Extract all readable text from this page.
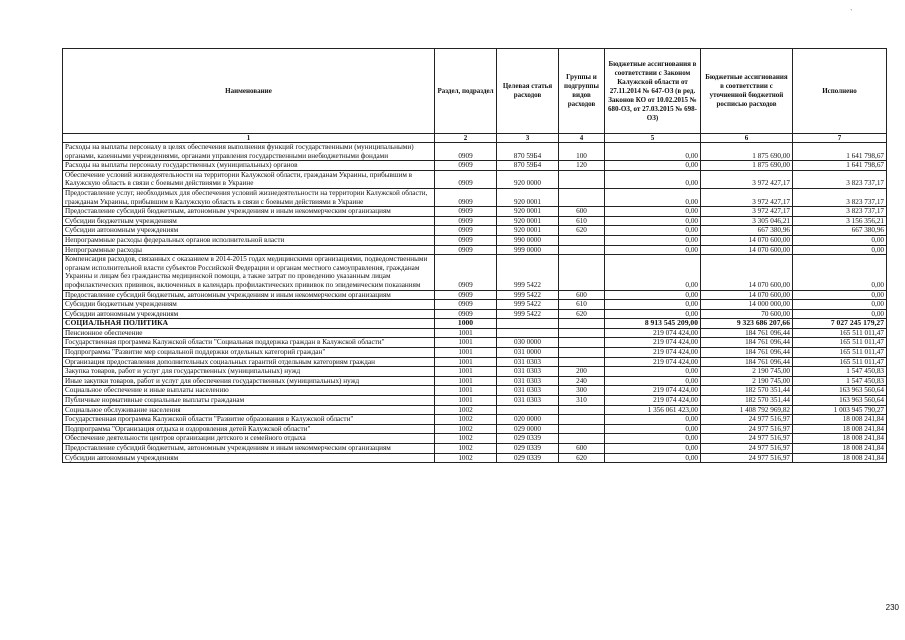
Наименование	Раздел, подраздел	Целевая статья расходов	Группы и подгруппы видов расходов	Бюджетные ассигнования в соответствии с Законом Калужской области от 27.11.2014 № 647-ОЗ (в ред. Законов КО от 10.02.2015 № 680-ОЗ, от 27.03.2015 № 698-ОЗ)	Бюджетные ассигнования в соответствии с уточненной бюджетной росписью расходов	Исполнено
1	2	3	4	5	6	7
Расходы на выплаты персоналу в целях обеспечения выполнения функций государственными (муниципальными) органами, казенными учреждениями, органами управления государственными внебюджетными фондами	0909	870 59Б4	100	0,00	1 875 690,00	1 641 798,67
Расходы на выплаты персоналу государственных (муниципальных) органов	0909	870 59Б4	120	0,00	1 875 690,00	1 641 798,67
Обеспечение условий жизнедеятельности на территории Калужской области, гражданам Украины, прибывшим в Калужскую область в связи с боевыми действиями в Украине	0909	920 0000		0,00	3 972 427,17	3 823 737,17
Предоставление услуг, необходимых для обеспечения условий жизнедеятельности на территории Калужской области, гражданам Украины, прибывшим в Калужскую область в связи с боевыми действиями в Украине	0909	920 0001		0,00	3 972 427,17	3 823 737,17
Предоставление субсидий бюджетным, автономным учреждениям и иным некоммерческим организациям	0909	920 0001	600	0,00	3 972 427,17	3 823 737,17
Субсидии бюджетным учреждениям	0909	920 0001	610	0,00	3 305 046,21	3 156 356,21
Субсидии автономным учреждениям	0909	920 0001	620	0,00	667 380,96	667 380,96
Непрограммные расходы федеральных органов исполнительной власти	0909	990 0000		0,00	14 070 600,00	0,00
Непрограммные расходы	0909	999 0000		0,00	14 070 600,00	0,00
Компенсация расходов, связанных с оказанием в 2014-2015 годах медицинскими организациями, подведомственными органам исполнительной власти субъектов Российской Федерации и органам местного самоуправления, гражданам Украины и лицам без гражданства медицинской помощи, а также затрат по проведению указанным лицам профилактических прививок, включенных в календарь профилактических прививок по эпидемическим показаниям	0909	999 5422		0,00	14 070 600,00	0,00
Предоставление субсидий бюджетным, автономным учреждениям и иным некоммерческим организациям	0909	999 5422	600	0,00	14 070 600,00	0,00
Субсидии бюджетным учреждениям	0909	999 5422	610	0,00	14 000 000,00	0,00
Субсидии автономным учреждениям	0909	999 5422	620	0,00	70 600,00	0,00
СОЦИАЛЬНАЯ ПОЛИТИКА	1000			8 913 545 209,00	9 323 686 207,66	7 027 245 179,27
Пенсионное обеспечение	1001			219 074 424,00	184 761 096,44	165 511 011,47
Государственная программа Калужской области "Социальная поддержка граждан в Калужской области"	1001	030 0000		219 074 424,00	184 761 096,44	165 511 011,47
Подпрограмма "Развитие мер социальной поддержки отдельных категорий граждан"	1001	031 0000		219 074 424,00	184 761 096,44	165 511 011,47
Организация предоставления дополнительных социальных гарантий отдельным категориям граждан	1001	031 0303		219 074 424,00	184 761 096,44	165 511 011,47
Закупка товаров, работ и услуг для государственных (муниципальных) нужд	1001	031 0303	200	0,00	2 190 745,00	1 547 450,83
Иные закупки товаров, работ и услуг для обеспечения государственных (муниципальных) нужд	1001	031 0303	240	0,00	2 190 745,00	1 547 450,83
Социальное обеспечение и иные выплаты населению	1001	031 0303	300	219 074 424,00	182 570 351,44	163 963 560,64
Публичные нормативные социальные выплаты гражданам	1001	031 0303	310	219 074 424,00	182 570 351,44	163 963 560,64
Социальное обслуживание населения	1002			1 356 061 423,00	1 408 792 969,82	1 003 945 790,27
Государственная программа Калужской области "Развитие образования в Калужской области"	1002	020 0000		0,00	24 977 516,97	18 008 241,84
Подпрограмма "Организация отдыха и оздоровления детей Калужской области"	1002	029 0000		0,00	24 977 516,97	18 008 241,84
Обеспечение деятельности центров организации детского и семейного отдыха	1002	029 0339		0,00	24 977 516,97	18 008 241,84
Предоставление субсидий бюджетным, автономным учреждениям и иным некоммерческим организациям	1002	029 0339	600	0,00	24 977 516,97	18 008 241,84
Субсидии автономным учреждениям	1002	029 0339	620	0,00	24 977 516,97	18 008 241,84
`
230
